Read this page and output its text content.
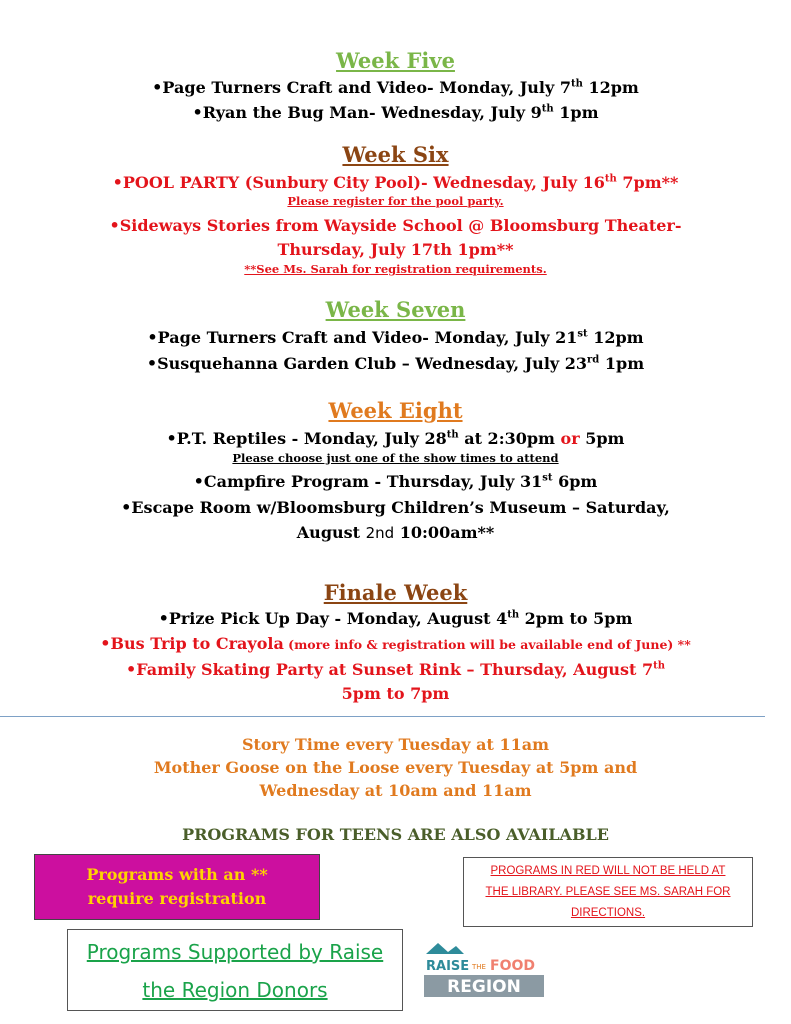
Week Five
•Page Turners Craft and Video- Monday, July 7th 12pm
•Ryan the Bug Man- Wednesday, July 9th 1pm
Week Six
•POOL PARTY (Sunbury City Pool)- Wednesday, July 16th 7pm**
Please register for the pool party.
•Sideways Stories from Wayside School @ Bloomsburg Theater-
Thursday, July 17th 1pm**
**See Ms. Sarah for registration requirements.
Week Seven
•Page Turners Craft and Video- Monday, July 21st 12pm
•Susquehanna Garden Club – Wednesday, July 23rd 1pm
Week Eight
•P.T. Reptiles - Monday, July 28th at 2:30pm or 5pm
Please choose just one of the show times to attend
•Campfire Program - Thursday, July 31st 6pm
•Escape Room w/Bloomsburg Children’s Museum – Saturday,
August 2nd 10:00am**
Finale Week
•Prize Pick Up Day - Monday, August 4th 2pm to 5pm
•Bus Trip to Crayola (more info & registration will be available end of June) **
•Family Skating Party at Sunset Rink – Thursday, August 7th
5pm to 7pm
Story Time every Tuesday at 11am
Mother Goose on the Loose every Tuesday at 5pm and
Wednesday at 10am and 11am
PROGRAMS FOR TEENS ARE ALSO AVAILABLE
Programs with an **
require registration
PROGRAMS IN RED WILL NOT BE HELD AT
THE LIBRARY. PLEASE SEE MS. SARAH FOR
DIRECTIONS.
Programs Supported by Raise
the Region Donors
RAISE THE FOOD
REGION
